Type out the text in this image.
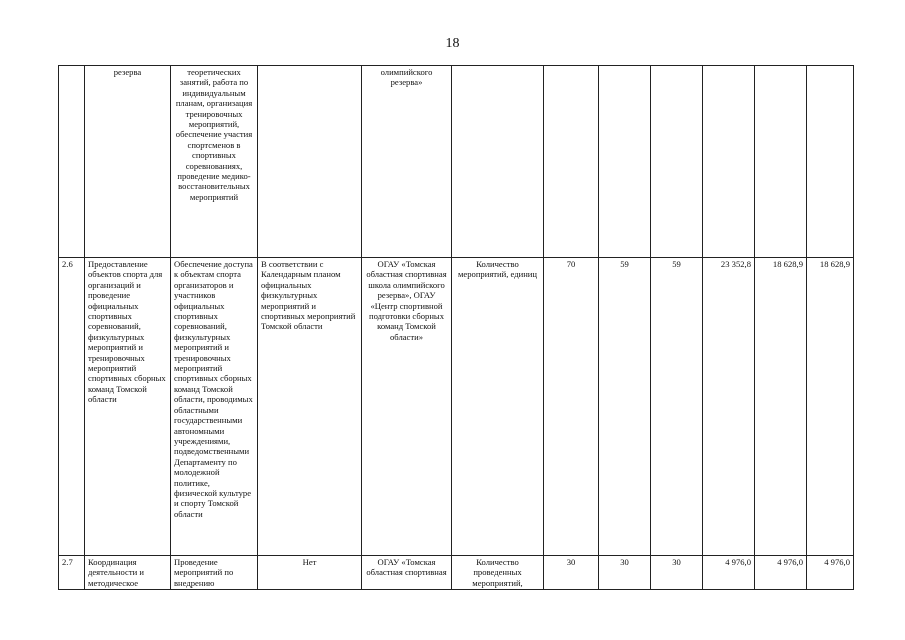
18
	резерва	теоретических занятий, работа по индивидуальным планам, организация тренировочных мероприятий, обеспечение участия спортсменов в спортивных соревнованиях, проведение медико-восстановительных мероприятий		олимпийского резерва»							
2.6	Предоставление объектов спорта для организаций и проведение официальных спортивных соревнований, физкультурных мероприятий и тренировочных мероприятий спортивных сборных команд Томской области	Обеспечение доступа к объектам спорта организаторов и участников официальных спортивных соревнований, физкультурных мероприятий и тренировочных мероприятий спортивных сборных команд Томской области, проводимых областными государственными автономными учреждениями, подведомственными Департаменту по молодежной политике, физической культуре и спорту Томской области	В соответствии с Календарным планом официальных физкультурных мероприятий и спортивных мероприятий Томской области	ОГАУ «Томская областная спортивная школа олимпийского резерва», ОГАУ «Центр спортивной подготовки сборных команд Томской области»	Количество мероприятий, единиц	70	59	59	23 352,8	18 628,9	18 628,9
2.7	Координация деятельности и методическое	Проведение мероприятий по внедрению	Нет	ОГАУ «Томская областная спортивная	Количество проведенных мероприятий,	30	30	30	4 976,0	4 976,0	4 976,0
